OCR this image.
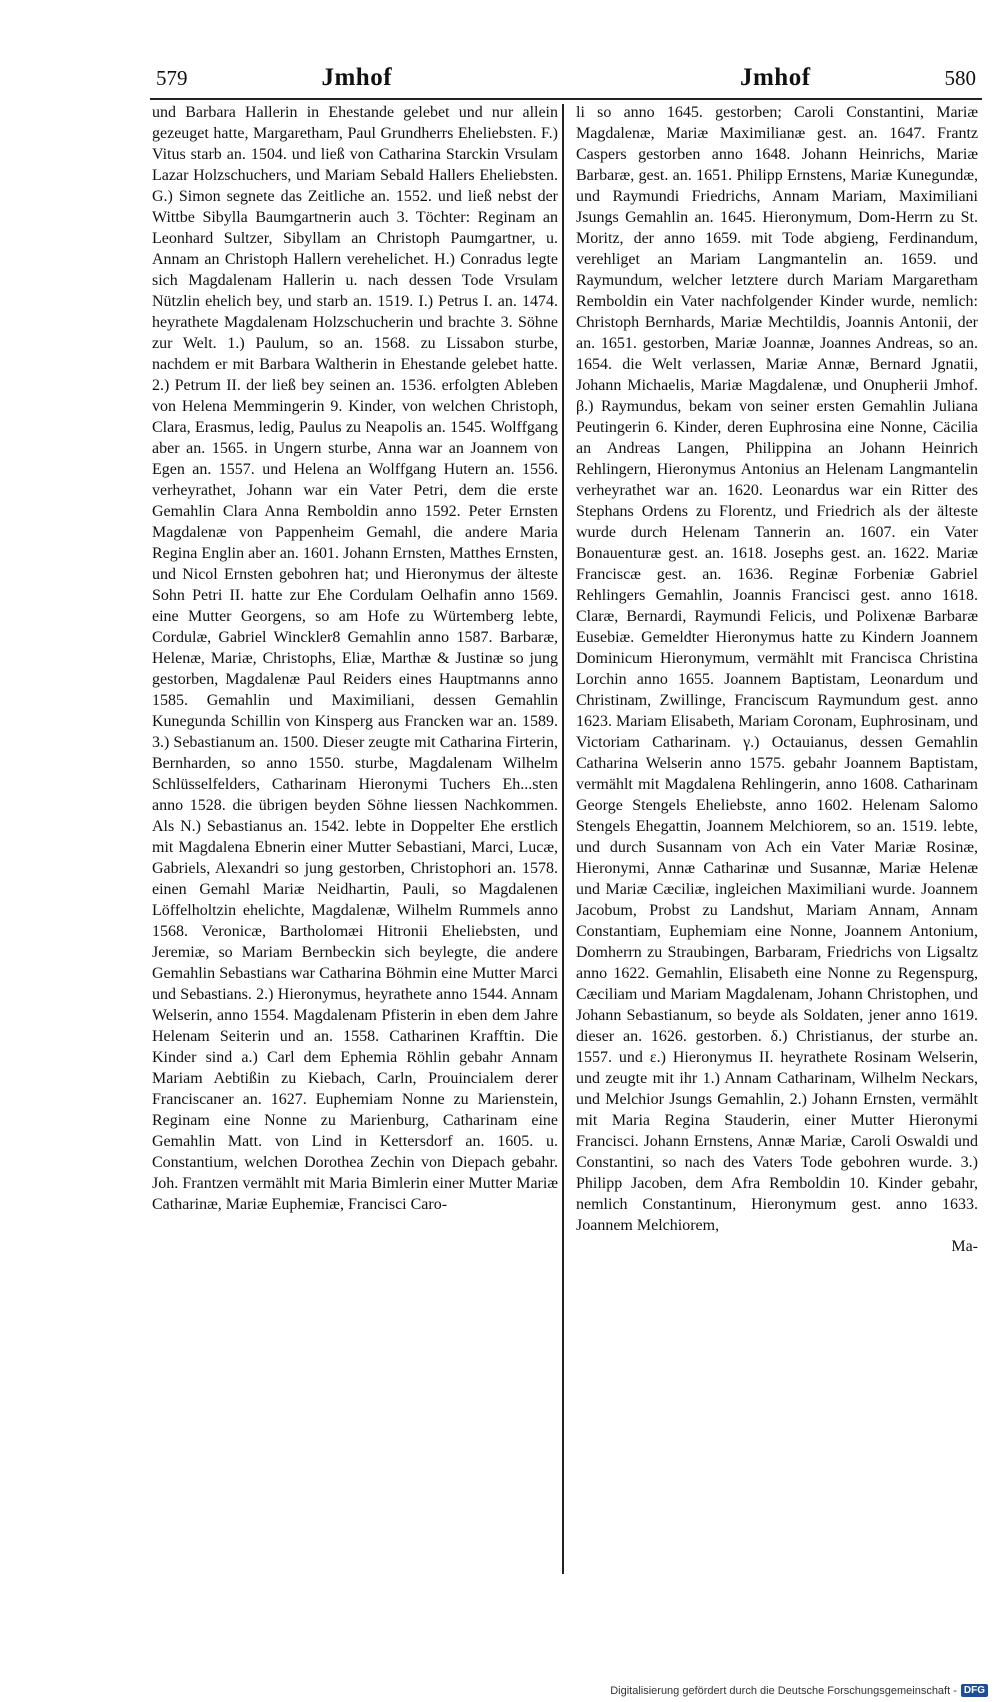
579	Jmhof	Jmhof	580

und Barbara Hallerin in Ehestande gelebet und nur allein gezeuget hatte, Margaretham, Paul Grundherrs Eheliebsten. F.) Vitus starb an. 1504. und ließ von Catharina Starckin Vrsulam Lazar Holzschuchers, und Mariam Sebald Hallers Eheliebsten. G.) Simon segnete das Zeitliche an. 1552. und ließ nebst der Wittbe Sibylla Baumgartnerin auch 3. Töchter: Reginam an Leonhard Sultzer, Sibyllam an Christoph Paumgartner, u. Annam an Christoph Hallern verehelichet. H.) Conradus legte sich Magdalenam Hallerin u. nach dessen Tode Vrsulam Nützlin ehelich bey, und starb an. 1519. I.) Petrus I. an. 1474. heyrathete Magdalenam Holzschucherin und brachte 3. Söhne zur Welt. 1.) Paulum, so an. 1568. zu Lissabon sturbe, nachdem er mit Barbara Waltherin in Ehestande gelebet hatte. 2.) Petrum II. der ließ bey seinen an. 1536. erfolgten Ableben von Helena Memmingerin 9. Kinder, von welchen Christoph, Clara, Erasmus, ledig, Paulus zu Neapolis an. 1545. Wolffgang aber an. 1565. in Ungern sturbe, Anna war an Joannem von Egen an. 1557. und Helena an Wolffgang Hutern an. 1556. verheyrathet, Johann war ein Vater Petri, dem die erste Gemahlin Clara Anna Remboldin anno 1592. Peter Ernsten Magdalenæ von Pappenheim Gemahl, die andere Maria Regina Englin aber an. 1601. Johann Ernsten, Matthes Ernsten, und Nicol Ernsten gebohren hat; und Hieronymus der älteste Sohn Petri II. hatte zur Ehe Cordulam Oelhafin anno 1569. eine Mutter Georgens, so am Hofe zu Würtemberg lebte, Cordulæ, Gabriel Winckler8 Gemahlin anno 1587. Barbaræ, Helenæ, Mariæ, Christophs, Eliæ, Marthæ & Justinæ so jung gestorben, Magdalenæ Paul Reiders eines Hauptmanns anno 1585. Gemahlin und Maximiliani, dessen Gemahlin Kunegunda Schillin von Kinsperg aus Francken war an. 1589. 3.) Sebastianum an. 1500. Dieser zeugte mit Catharina Firterin, Bernharden, so anno 1550. sturbe, Magdalenam Wilhelm Schlüsselfelders, Catharinam Hieronymi Tuchers Eh...sten anno 1528. die übrigen beyden Söhne liessen Nachkommen. Als N.) Sebastianus an. 1542. lebte in Doppelter Ehe erstlich mit Magdalena Ebnerin einer Mutter Sebastiani, Marci, Lucæ, Gabriels, Alexandri so jung gestorben, Christophori an. 1578. einen Gemahl Mariæ Neidhartin, Pauli, so Magdalenen Löffelholtzin ehelichte, Magdalenæ, Wilhelm Rummels anno 1568. Veronicæ, Bartholomæi Hitronii Eheliebsten, und Jeremiæ, so Mariam Bernbeckin sich beylegte, die andere Gemahlin Sebastians war Catharina Böhmin eine Mutter Marci und Sebastians. 2.) Hieronymus, heyrathete anno 1544. Annam Welserin, anno 1554. Magdalenam Pfisterin in eben dem Jahre Helenam Seiterin und an. 1558. Catharinen Krafftin. Die Kinder sind a.) Carl dem Ephemia Röhlin gebahr Annam Mariam Aebtißin zu Kiebach, Carln, Prouincialem derer Franciscaner an. 1627. Euphemiam Nonne zu Marienstein, Reginam eine Nonne zu Marienburg, Catharinam eine Gemahlin Matt. von Lind in Kettersdorf an. 1605. u. Constantium, welchen Dorothea Zechin von Diepach gebahr. Joh. Frantzen vermählt mit Maria Bimlerin einer Mutter Mariæ Catharinæ, Mariæ Euphemiæ, Francisci Caro-

li so anno 1645. gestorben; Caroli Constantini, Mariæ Magdalenæ, Mariæ Maximilianæ gest. an. 1647. Frantz Caspers gestorben anno 1648. Johann Heinrichs, Mariæ Barbaræ, gest. an. 1651. Philipp Ernstens, Mariæ Kunegundæ, und Raymundi Friedrichs, Annam Mariam, Maximiliani Jsungs Gemahlin an. 1645. Hieronymum, Dom-Herrn zu St. Moritz, der anno 1659. mit Tode abgieng, Ferdinandum, verehliget an Mariam Langmantelin an. 1659. und Raymundum, welcher letztere durch Mariam Margaretham Remboldin ein Vater nachfolgender Kinder wurde, nemlich: Christoph Bernhards, Mariæ Mechtildis, Joannis Antonii, der an. 1651. gestorben, Mariæ Joannæ, Joannes Andreas, so an. 1654. die Welt verlassen, Mariæ Annæ, Bernard Jgnatii, Johann Michaelis, Mariæ Magdalenæ, und Onupherii Jmhof. β.) Raymundus, bekam von seiner ersten Gemahlin Juliana Peutingerin 6. Kinder, deren Euphrosina eine Nonne, Cäcilia an Andreas Langen, Philippina an Johann Heinrich Rehlingern, Hieronymus Antonius an Helenam Langmantelin verheyrathet war an. 1620. Leonardus war ein Ritter des Stephans Ordens zu Florentz, und Friedrich als der älteste wurde durch Helenam Tannerin an. 1607. ein Vater Bonauenturæ gest. an. 1618. Josephs gest. an. 1622. Mariæ Franciscæ gest. an. 1636. Reginæ Forbeniæ Gabriel Rehlingers Gemahlin, Joannis Francisci gest. anno 1618. Claræ, Bernardi, Raymundi Felicis, und Polixenæ Barbaræ Eusebiæ. Gemeldter Hieronymus hatte zu Kindern Joannem Dominicum Hieronymum, vermählt mit Francisca Christina Lorchin anno 1655. Joannem Baptistam, Leonardum und Christinam, Zwillinge, Franciscum Raymundum gest. anno 1623. Mariam Elisabeth, Mariam Coronam, Euphrosinam, und Victoriam Catharinam. γ.) Octauianus, dessen Gemahlin Catharina Welserin anno 1575. gebahr Joannem Baptistam, vermählt mit Magdalena Rehlingerin, anno 1608. Catharinam George Stengels Eheliebste, anno 1602. Helenam Salomo Stengels Ehegattin, Joannem Melchiorem, so an. 1519. lebte, und durch Susannam von Ach ein Vater Mariæ Rosinæ, Hieronymi, Annæ Catharinæ und Susannæ, Mariæ Helenæ und Mariæ Cæciliæ, ingleichen Maximiliani wurde. Joannem Jacobum, Probst zu Landshut, Mariam Annam, Annam Constantiam, Euphemiam eine Nonne, Joannem Antonium, Domherrn zu Straubingen, Barbaram, Friedrichs von Ligsaltz anno 1622. Gemahlin, Elisabeth eine Nonne zu Regenspurg, Cæciliam und Mariam Magdalenam, Johann Christophen, und Johann Sebastianum, so beyde als Soldaten, jener anno 1619. dieser an. 1626. gestorben. δ.) Christianus, der sturbe an. 1557. und ε.) Hieronymus II. heyrathete Rosinam Welserin, und zeugte mit ihr 1.) Annam Catharinam, Wilhelm Neckars, und Melchior Jsungs Gemahlin, 2.) Johann Ernsten, vermählt mit Maria Regina Stauderin, einer Mutter Hieronymi Francisci. Johann Ernstens, Annæ Mariæ, Caroli Oswaldi und Constantini, so nach des Vaters Tode gebohren wurde. 3.) Philipp Jacoben, dem Afra Remboldin 10. Kinder gebahr, nemlich Constantinum, Hieronymum gest. anno 1633. Joannem Melchiorem,

Ma-
Digitalisierung gefördert durch die Deutsche Forschungsgemeinschaft - DFG
